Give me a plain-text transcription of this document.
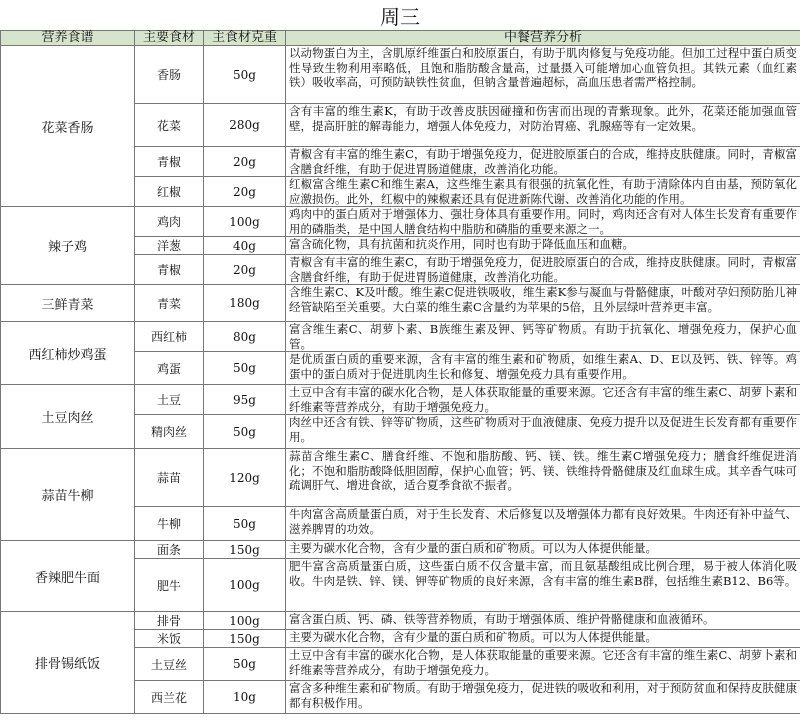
周三
营养食谱	主要食材	主食材克重	中餐营养分析
花菜香肠	香肠	50g	以动物蛋白为主，含肌原纤维蛋白和胶原蛋白，有助于肌肉修复与免疫功能。但加工过程中蛋白质变性导致生物利用率略低，且饱和脂肪酸含量高，过量摄入可能增加心血管负担。其铁元素（血红素铁）吸收率高，可预防缺铁性贫血，但钠含量普遍超标，高血压患者需严格控制。
	花菜	280g	含有丰富的维生素K，有助于改善皮肤因碰撞和伤害而出现的青紫现象。此外，花菜还能加强血管壁，提高肝脏的解毒能力，增强人体免疫力，对防治胃癌、乳腺癌等有一定效果。
	青椒	20g	青椒含有丰富的维生素C，有助于增强免疫力，促进胶原蛋白的合成，维持皮肤健康。同时，青椒富含膳食纤维，有助于促进胃肠道健康，改善消化功能。
	红椒	20g	红椒富含维生素C和维生素A，这些维生素具有很强的抗氧化性，有助于清除体内自由基，预防氧化应激损伤。此外，红椒中的辣椒素还具有促进新陈代谢、改善消化功能的作用。
辣子鸡	鸡肉	100g	鸡肉中的蛋白质对于增强体力、强壮身体具有重要作用。同时，鸡肉还含有对人体生长发育有重要作用的磷脂类，是中国人膳食结构中脂肪和磷脂的重要来源之一。
	洋葱	40g	富含硫化物，具有抗菌和抗炎作用，同时也有助于降低血压和血糖。
	青椒	20g	青椒含有丰富的维生素C，有助于增强免疫力，促进胶原蛋白的合成，维持皮肤健康。同时，青椒富含膳食纤维，有助于促进胃肠道健康，改善消化功能。
三鲜青菜	青菜	180g	含维生素C、K及叶酸。维生素C促进铁吸收，维生素K参与凝血与骨骼健康，叶酸对孕妇预防胎儿神经管缺陷至关重要。大白菜的维生素C含量约为苹果的5倍，且外层绿叶营养更丰富。
西红柿炒鸡蛋	西红柿	80g	富含维生素C、胡萝卜素、B族维生素及钾、钙等矿物质。有助于抗氧化、增强免疫力，保护心血管。
	鸡蛋	50g	是优质蛋白质的重要来源，含有丰富的维生素和矿物质，如维生素A、D、E以及钙、铁、锌等。鸡蛋中的蛋白质对于促进肌肉生长和修复、增强免疫力具有重要作用。
土豆肉丝	土豆	95g	土豆中含有丰富的碳水化合物，是人体获取能量的重要来源。它还含有丰富的维生素C、胡萝卜素和纤维素等营养成分，有助于增强免疫力。
	精肉丝	50g	肉丝中还含有铁、锌等矿物质，这些矿物质对于血液健康、免疫力提升以及促进生长发育都有重要作用。
蒜苗牛柳	蒜苗	120g	蒜苗含维生素C、膳食纤维、不饱和脂肪酸、钙、镁、铁。维生素C增强免疫力；膳食纤维促进消化；不饱和脂肪酸降低胆固醇，保护心血管；钙、镁、铁维持骨骼健康及红血球生成。其辛香气味可疏调肝气、增进食欲，适合夏季食欲不振者。
	牛柳	50g	牛肉富含高质量蛋白质，对于生长发育、术后修复以及增强体力都有良好效果。牛肉还有补中益气、滋养脾胃的功效。
香辣肥牛面	面条	150g	主要为碳水化合物，含有少量的蛋白质和矿物质。可以为人体提供能量。
	肥牛	100g	肥牛富含高质量蛋白质，这些蛋白质不仅含量丰富，而且氨基酸组成比例合理，易于被人体消化吸收。牛肉是铁、锌、镁、钾等矿物质的良好来源，含有丰富的维生素B群，包括维生素B12、B6等。
排骨锡纸饭	排骨	100g	富含蛋白质、钙、磷、铁等营养物质，有助于增强体质、维护骨骼健康和血液循环。
	米饭	150g	主要为碳水化合物，含有少量的蛋白质和矿物质。可以为人体提供能量。
	土豆丝	50g	土豆中含有丰富的碳水化合物，是人体获取能量的重要来源。它还含有丰富的维生素C、胡萝卜素和纤维素等营养成分，有助于增强免疫力。
	西兰花	10g	富含多种维生素和矿物质。有助于增强免疫力，促进铁的吸收和利用，对于预防贫血和保持皮肤健康都有积极作用。
